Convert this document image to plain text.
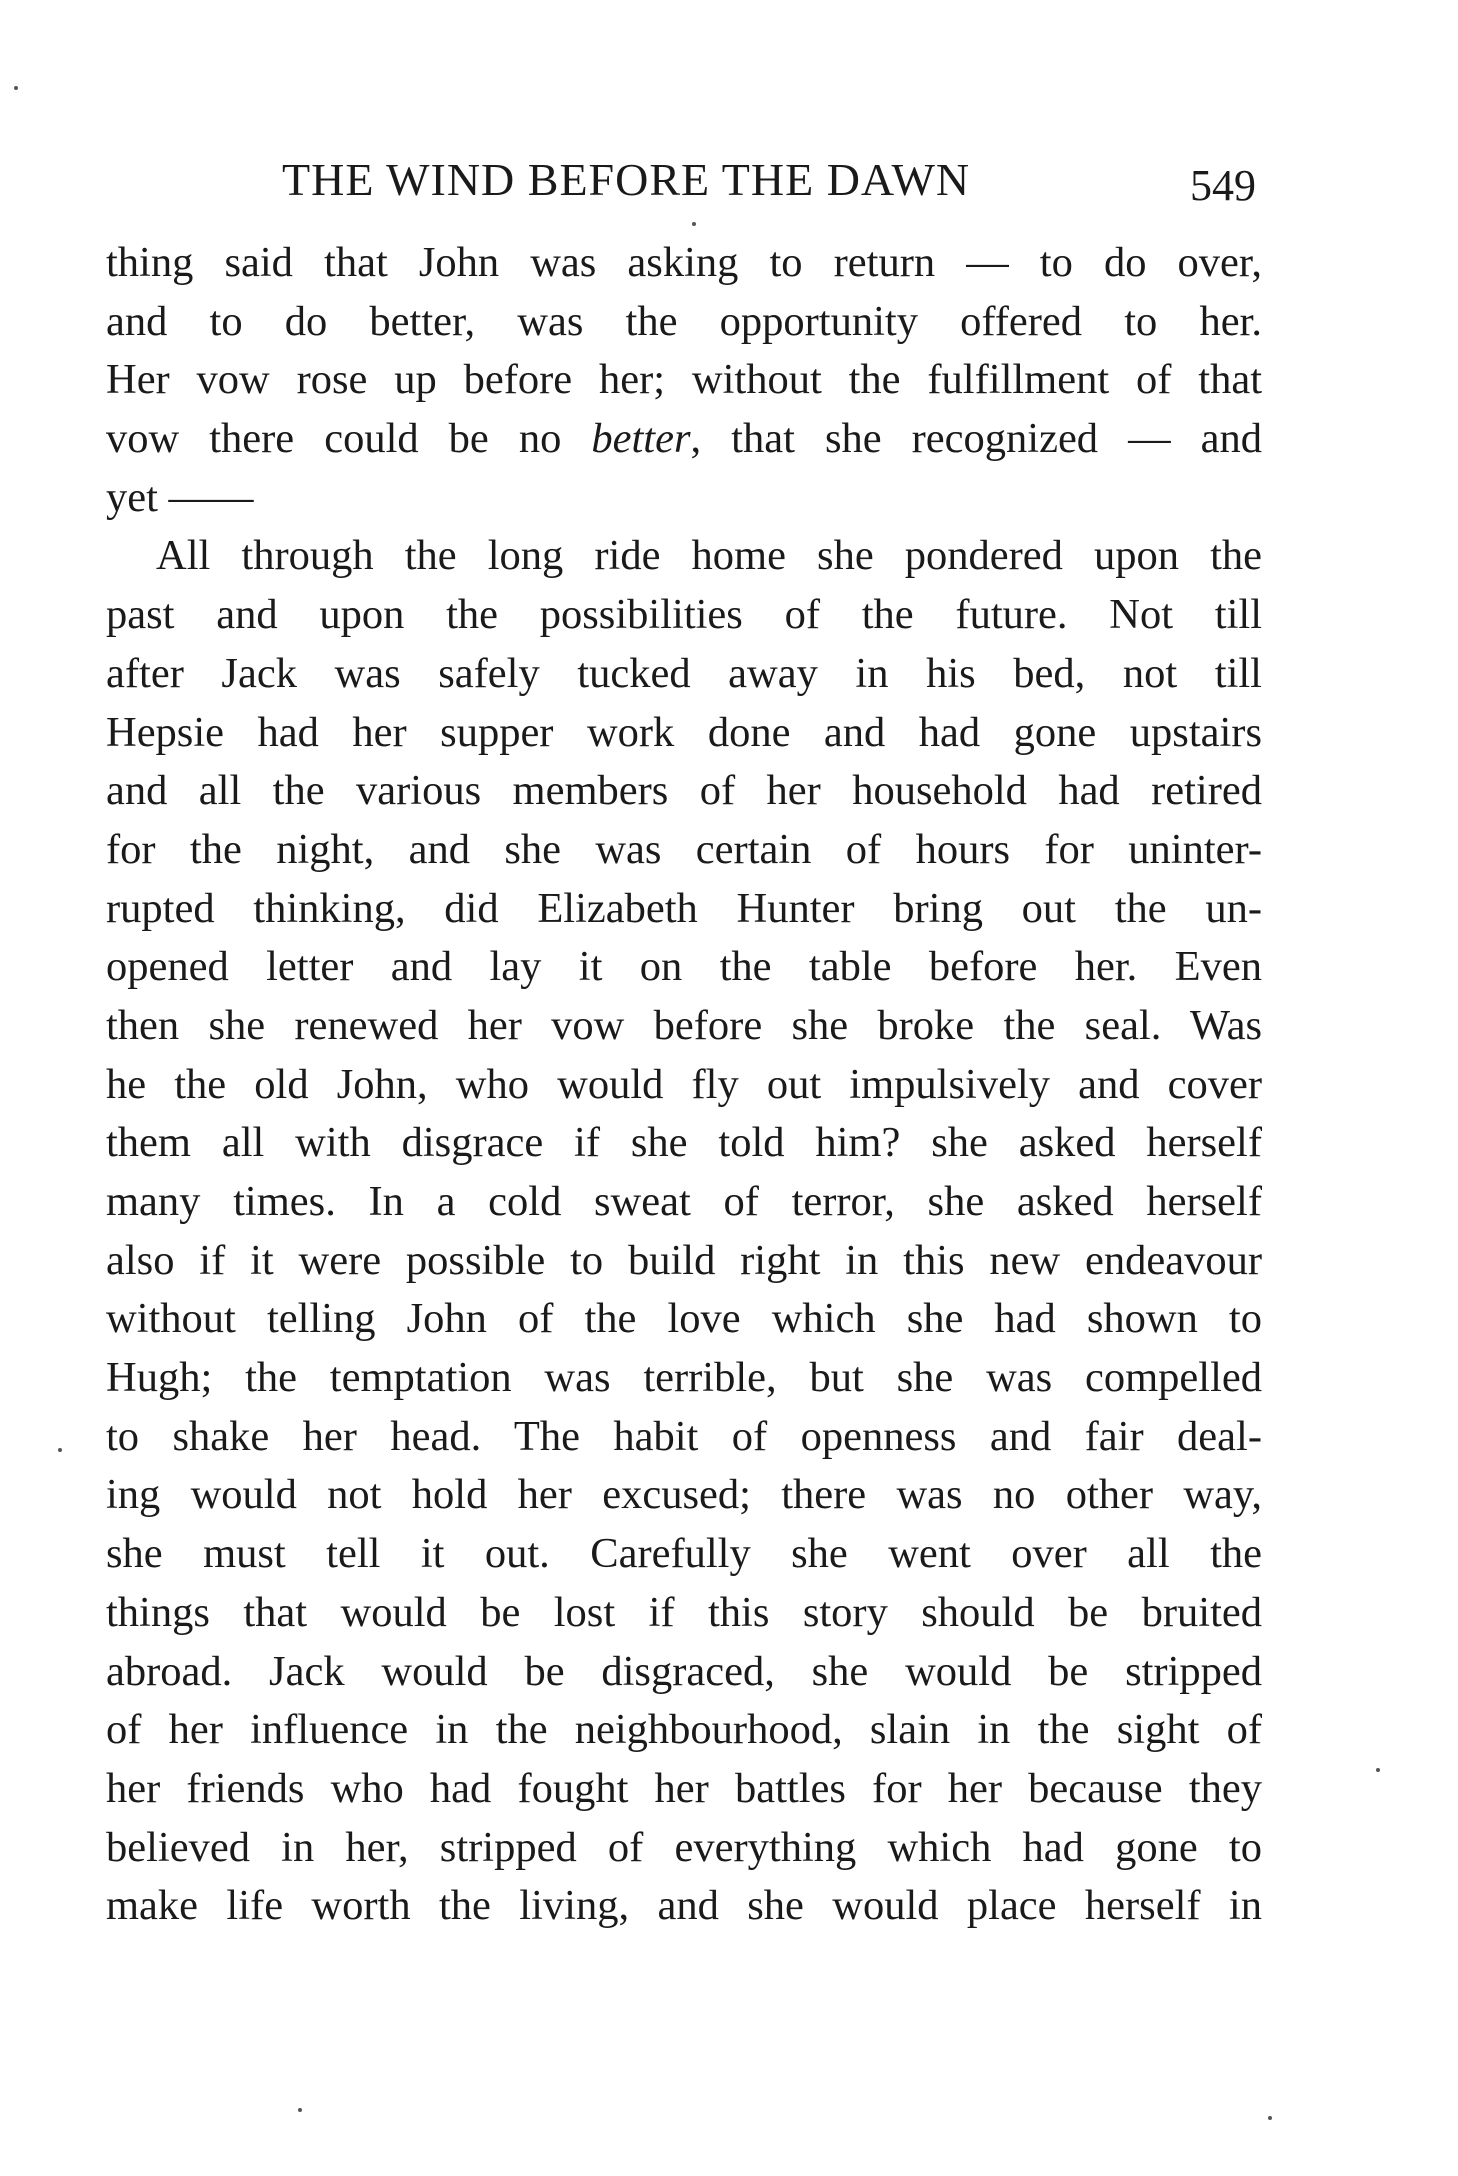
THE WIND BEFORE THE DAWN	549
thing said that John was asking to return — to do over,
and to do better, was the opportunity offered to her.
Her vow rose up before her; without the fulfillment of that
vow there could be no better, that she recognized — and
yet ——
All through the long ride home she pondered upon the
past and upon the possibilities of the future. Not till
after Jack was safely tucked away in his bed, not till
Hepsie had her supper work done and had gone upstairs
and all the various members of her household had retired
for the night, and she was certain of hours for uninter-
rupted thinking, did Elizabeth Hunter bring out the un-
opened letter and lay it on the table before her. Even
then she renewed her vow before she broke the seal. Was
he the old John, who would fly out impulsively and cover
them all with disgrace if she told him? she asked herself
many times. In a cold sweat of terror, she asked herself
also if it were possible to build right in this new endeavour
without telling John of the love which she had shown to
Hugh; the temptation was terrible, but she was compelled
to shake her head. The habit of openness and fair deal-
ing would not hold her excused; there was no other way,
she must tell it out. Carefully she went over all the
things that would be lost if this story should be bruited
abroad. Jack would be disgraced, she would be stripped
of her influence in the neighbourhood, slain in the sight of
her friends who had fought her battles for her because they
believed in her, stripped of everything which had gone to
make life worth the living, and she would place herself in
